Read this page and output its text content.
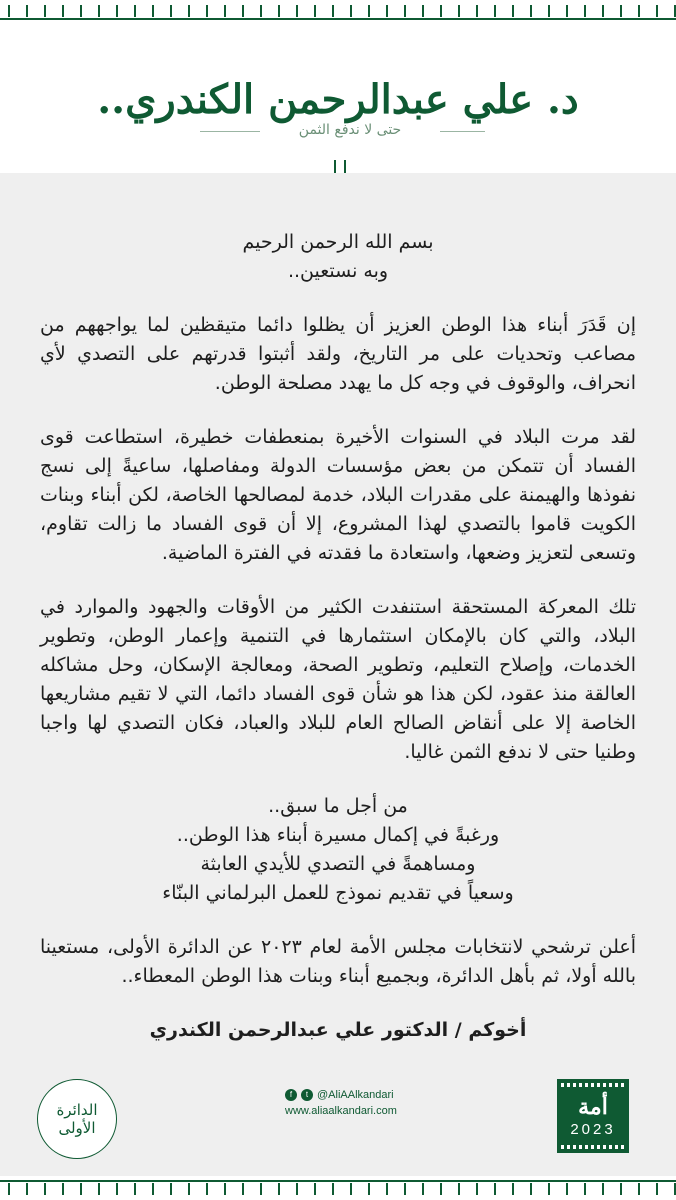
د. علي عبدالرحمن الكندري..
حتى لا ندفع الثمن

بسم الله الرحمن الرحيم
وبه نستعين..

إن قَدَرَ أبناء هذا الوطن العزيز أن يظلوا دائما متيقظين لما يواجههم من مصاعب وتحديات على مر التاريخ، ولقد أثبتوا قدرتهم على التصدي لأي انحراف، والوقوف في وجه كل ما يهدد مصلحة الوطن.

لقد مرت البلاد في السنوات الأخيرة بمنعطفات خطيرة، استطاعت قوى الفساد أن تتمكن من بعض مؤسسات الدولة ومفاصلها، ساعيةً إلى نسج نفوذها والهيمنة على مقدرات البلاد، خدمة لمصالحها الخاصة، لكن أبناء وبنات الكويت قاموا بالتصدي لهذا المشروع، إلا أن قوى الفساد ما زالت تقاوم، وتسعى لتعزيز وضعها، واستعادة ما فقدته في الفترة الماضية.

تلك المعركة المستحقة استنفدت الكثير من الأوقات والجهود والموارد في البلاد، والتي كان بالإمكان استثمارها في التنمية وإعمار الوطن، وتطوير الخدمات، وإصلاح التعليم، وتطوير الصحة، ومعالجة الإسكان، وحل مشاكله العالقة منذ عقود، لكن هذا هو شأن قوى الفساد دائما، التي لا تقيم مشاريعها الخاصة إلا على أنقاض الصالح العام للبلاد والعباد، فكان التصدي لها واجبا وطنيا حتى لا ندفع الثمن غاليا.

من أجل ما سبق..
ورغبةً في إكمال مسيرة أبناء هذا الوطن..
ومساهمةً في التصدي للأيدي العابثة
وسعياً في تقديم نموذج للعمل البرلماني البنّاء

أعلن ترشحي لانتخابات مجلس الأمة لعام ٢٠٢٣ عن الدائرة الأولى، مستعينا بالله أولا، ثم بأهل الدائرة، وبجميع أبناء وبنات هذا الوطن المعطاء..

أخوكم / الدكتور علي عبدالرحمن الكندري

الدائرة
الأولى
f	t @AliAAlkandari
www.aliaalkandari.com	أمة
2023
